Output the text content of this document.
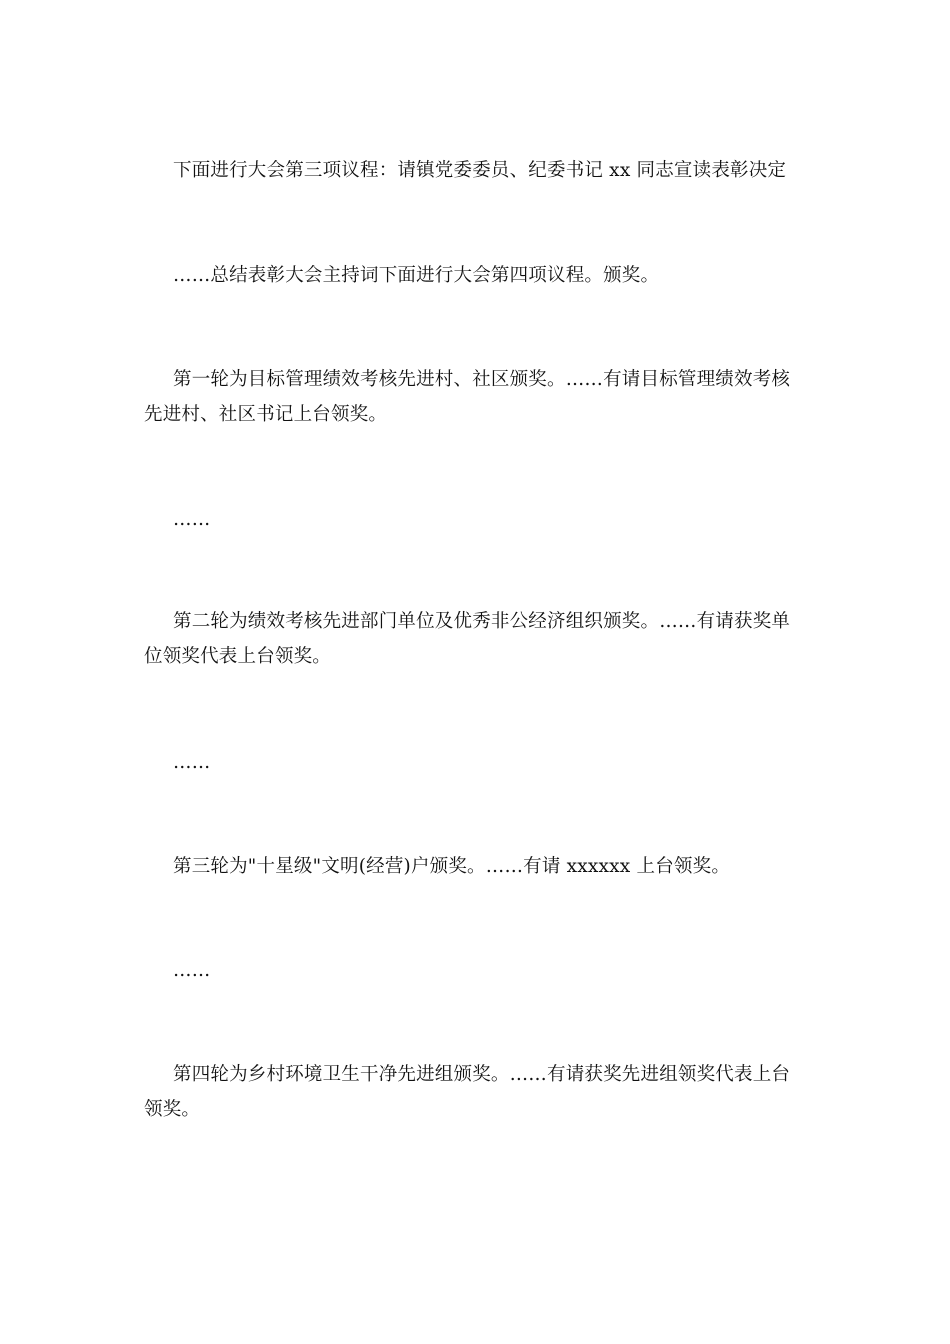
下面进行大会第三项议程：请镇党委委员、纪委书记 xx 同志宣读表彰决定

……总结表彰大会主持词下面进行大会第四项议程。颁奖。

第一轮为目标管理绩效考核先进村、社区颁奖。……有请目标管理绩效考核先进村、社区书记上台领奖。

……

第二轮为绩效考核先进部门单位及优秀非公经济组织颁奖。……有请获奖单位领奖代表上台领奖。

……

第三轮为"十星级"文明(经营)户颁奖。……有请 xxxxxx 上台领奖。

……

第四轮为乡村环境卫生干净先进组颁奖。……有请获奖先进组领奖代表上台领奖。
